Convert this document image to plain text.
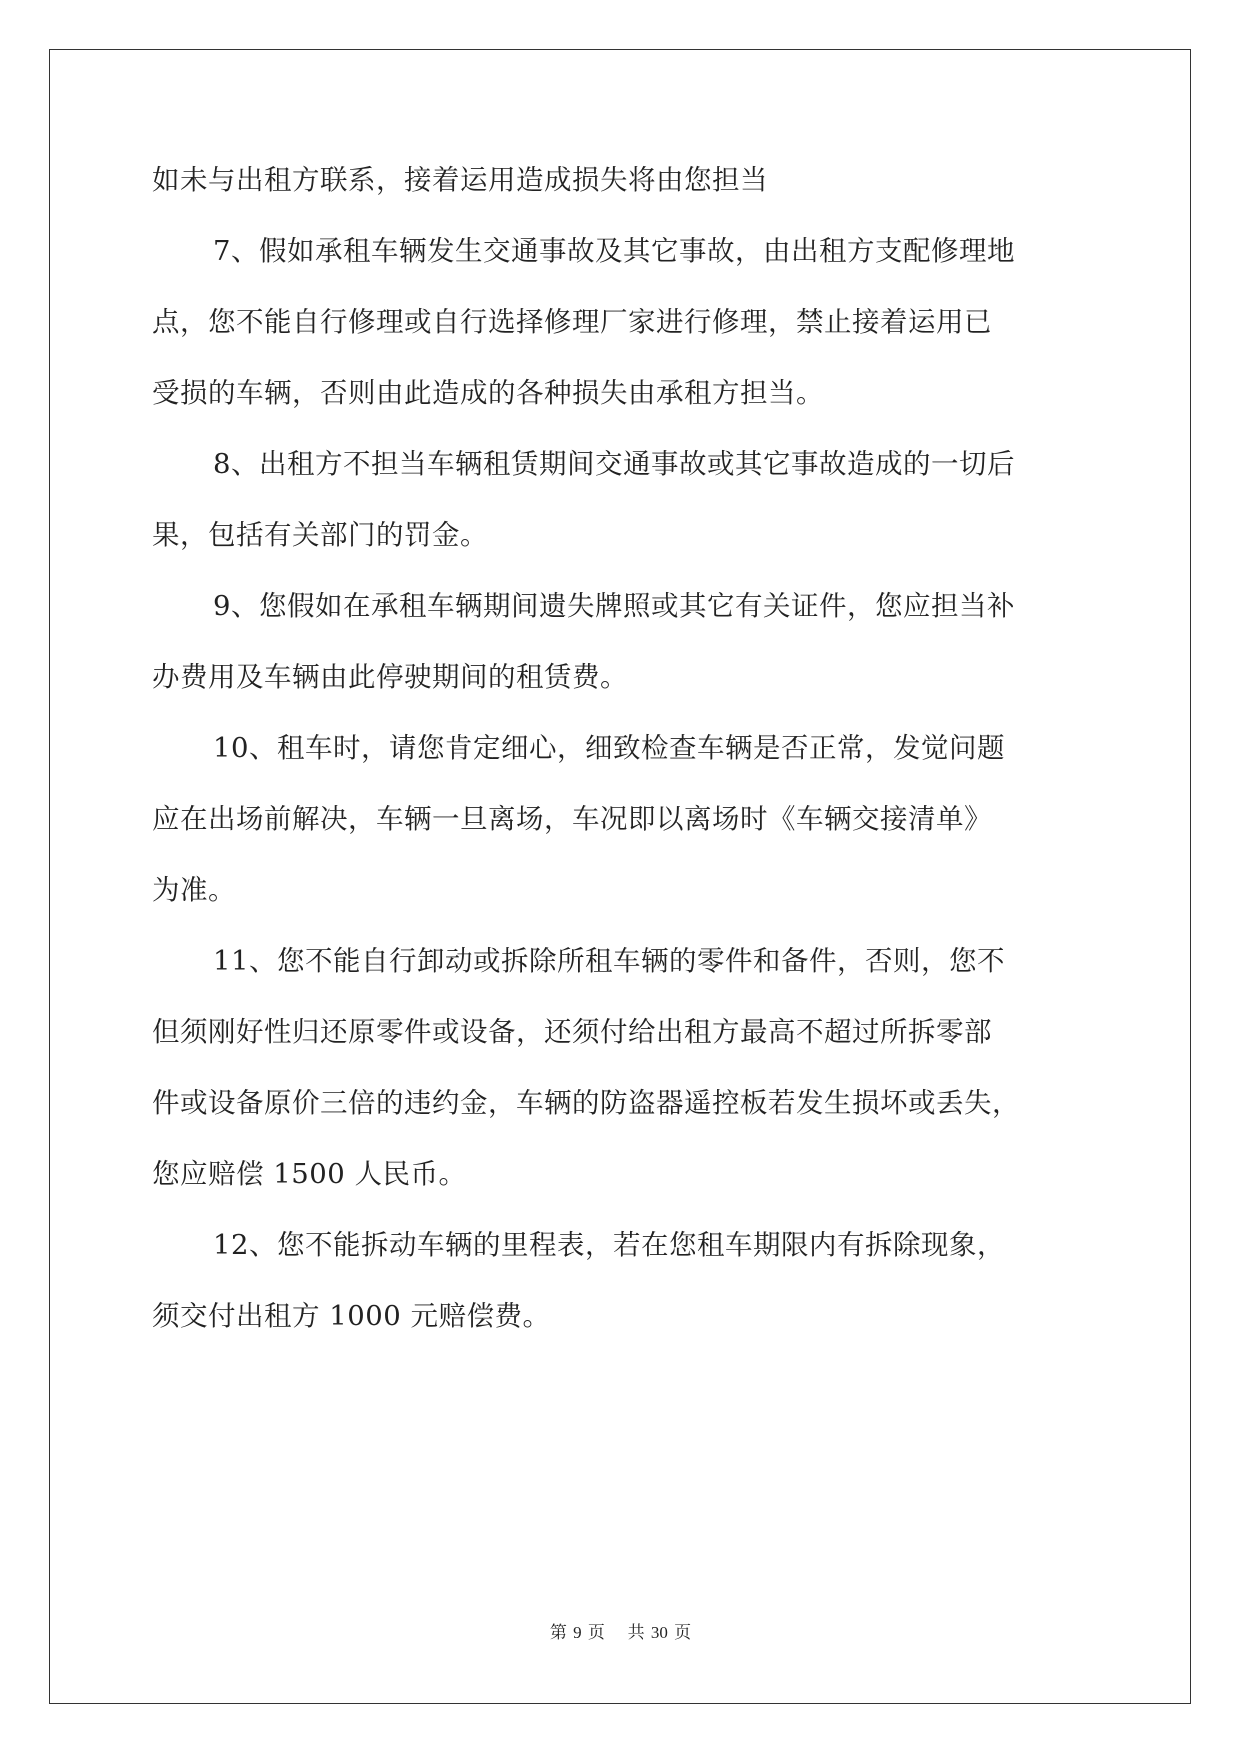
如未与出租方联系，接着运用造成损失将由您担当
7、假如承租车辆发生交通事故及其它事故，由出租方支配修理地
点，您不能自行修理或自行选择修理厂家进行修理，禁止接着运用已
受损的车辆，否则由此造成的各种损失由承租方担当。
8、出租方不担当车辆租赁期间交通事故或其它事故造成的一切后
果，包括有关部门的罚金。
9、您假如在承租车辆期间遗失牌照或其它有关证件，您应担当补
办费用及车辆由此停驶期间的租赁费。
10、租车时，请您肯定细心，细致检查车辆是否正常，发觉问题
应在出场前解决，车辆一旦离场，车况即以离场时《车辆交接清单》
为准。
11、您不能自行卸动或拆除所租车辆的零件和备件，否则，您不
但须刚好性归还原零件或设备，还须付给出租方最高不超过所拆零部
件或设备原价三倍的违约金，车辆的防盗器遥控板若发生损坏或丢失，
您应赔偿 1500 人民币。
12、您不能拆动车辆的里程表，若在您租车期限内有拆除现象，
须交付出租方 1000 元赔偿费。
第 9 页 共 30 页
